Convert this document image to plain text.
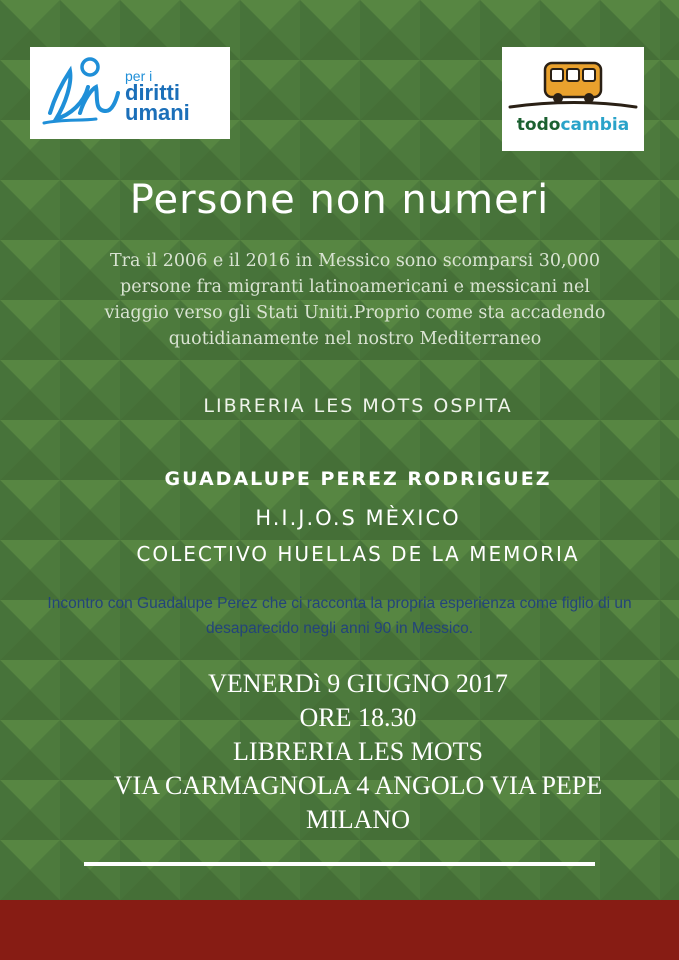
per i
diritti
umani	todocambia
Persone non numeri

Tra il 2006 e il 2016 in Messico sono scomparsi 30,000 persone fra migranti latinoamericani e messicani nel viaggio verso gli Stati Uniti.Proprio come sta accadendo quotidianamente nel nostro Mediterraneo

LIBRERIA LES MOTS OSPITA

GUADALUPE PEREZ RODRIGUEZ

H.I.J.O.S MÈXICO

COLECTIVO HUELLAS DE LA MEMORIA

Incontro con Guadalupe Perez che ci racconta la propria esperienza come figlio di un desaparecido negli anni 90 in Messico.

VENERDì 9 GIUGNO 2017
ORE 18.30
LIBRERIA LES MOTS
VIA CARMAGNOLA 4 ANGOLO VIA PEPE
MILANO
